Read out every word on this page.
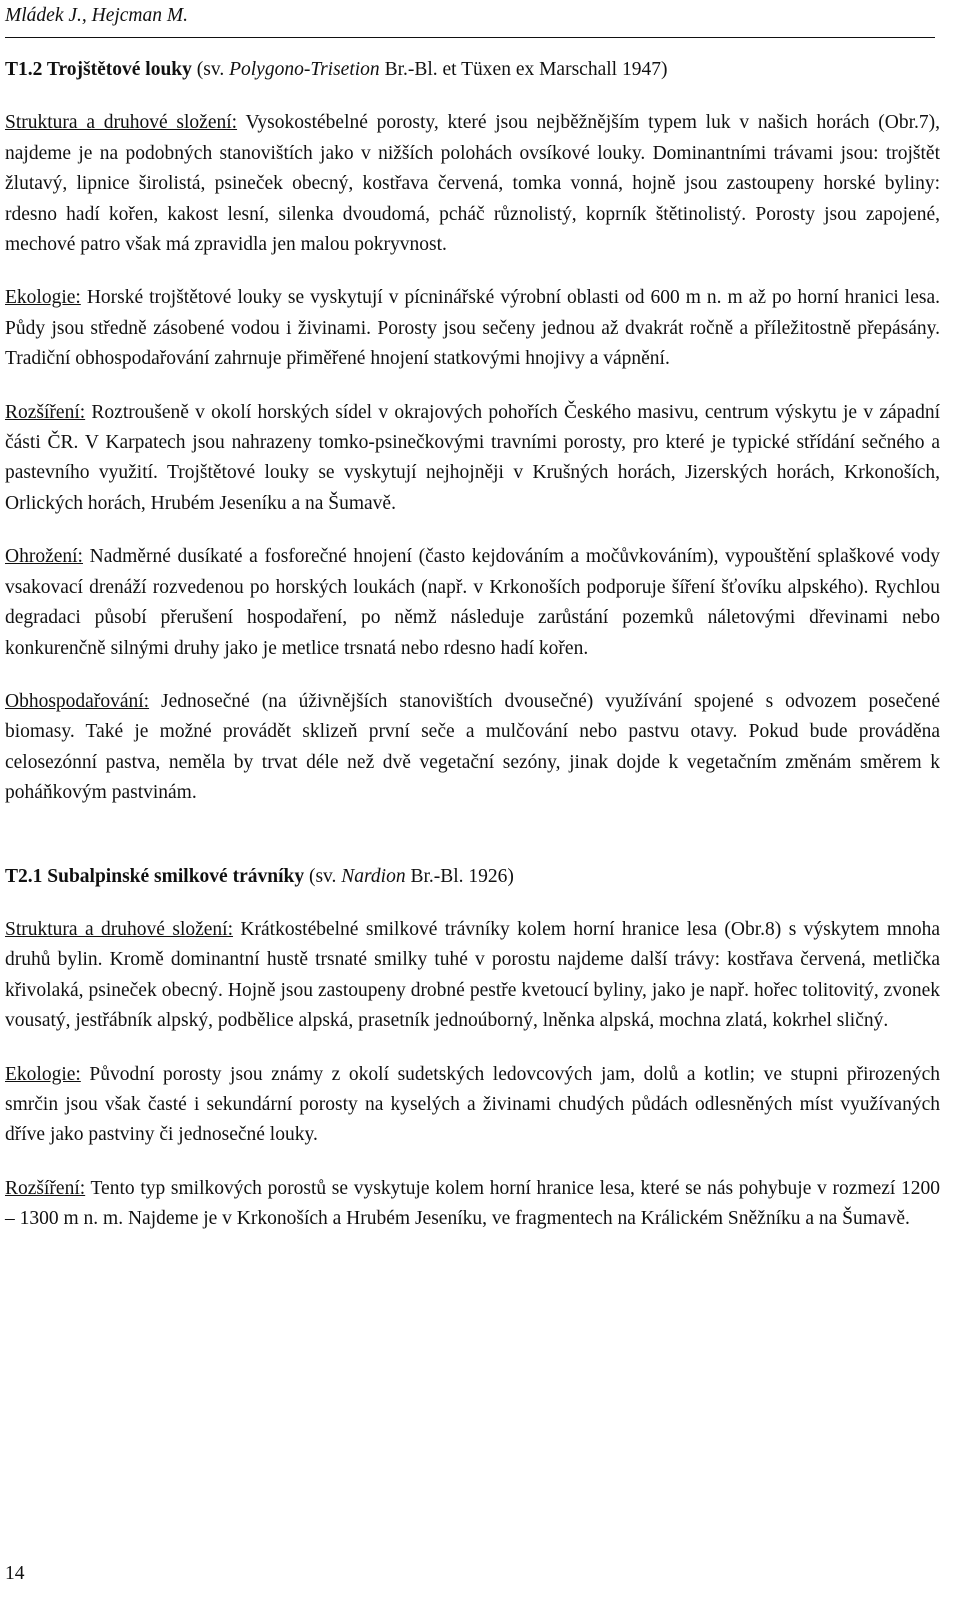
Mládek J., Hejcman M.
T1.2 Trojštětové louky (sv. Polygono-Trisetion Br.-Bl. et Tüxen ex Marschall 1947)

Struktura a druhové složení: Vysokostébelné porosty, které jsou nejběžnějším typem luk v našich horách (Obr.7), najdeme je na podobných stanovištích jako v nižších polohách ovsíkové louky. Dominantními trávami jsou: trojštět žlutavý, lipnice širolistá, psineček obecný, kostřava červená, tomka vonná, hojně jsou zastoupeny horské byliny: rdesno hadí kořen, kakost lesní, silenka dvoudomá, pcháč různolistý, koprník štětinolistý. Porosty jsou zapojené, mechové patro však má zpravidla jen malou pokryvnost.

Ekologie: Horské trojštětové louky se vyskytují v pícninářské výrobní oblasti od 600 m n. m až po horní hranici lesa. Půdy jsou středně zásobené vodou i živinami. Porosty jsou sečeny jednou až dvakrát ročně a příležitostně přepásány. Tradiční obhospodařování zahrnuje přiměřené hnojení statkovými hnojivy a vápnění.

Rozšíření: Roztroušeně v okolí horských sídel v okrajových pohořích Českého masivu, centrum výskytu je v západní části ČR. V Karpatech jsou nahrazeny tomko-psinečkovými travními porosty, pro které je typické střídání sečného a pastevního využití. Trojštětové louky se vyskytují nejhojněji v Krušných horách, Jizerských horách, Krkonoších, Orlických horách, Hrubém Jeseníku a na Šumavě.

Ohrožení: Nadměrné dusíkaté a fosforečné hnojení (často kejdováním a močůvkováním), vypouštění splaškové vody vsakovací drenáží rozvedenou po horských loukách (např. v Krkonoších podporuje šíření šťovíku alpského). Rychlou degradaci působí přerušení hospodaření, po němž následuje zarůstání pozemků náletovými dřevinami nebo konkurenčně silnými druhy jako je metlice trsnatá nebo rdesno hadí kořen.

Obhospodařování: Jednosečné (na úživnějších stanovištích dvousečné) využívání spojené s odvozem posečené biomasy. Také je možné provádět sklizeň první seče a mulčování nebo pastvu otavy. Pokud bude prováděna celosezónní pastva, neměla by trvat déle než dvě vegetační sezóny, jinak dojde k vegetačním změnám směrem k poháňkovým pastvinám.

T2.1 Subalpinské smilkové trávníky (sv. Nardion Br.-Bl. 1926)

Struktura a druhové složení: Krátkostébelné smilkové trávníky kolem horní hranice lesa (Obr.8) s výskytem mnoha druhů bylin. Kromě dominantní hustě trsnaté smilky tuhé v porostu najdeme další trávy: kostřava červená, metlička křivolaká, psineček obecný. Hojně jsou zastoupeny drobné pestře kvetoucí byliny, jako je např. hořec tolitovitý, zvonek vousatý, jestřábník alpský, podbělice alpská, prasetník jednoúborný, lněnka alpská, mochna zlatá, kokrhel sličný.

Ekologie: Původní porosty jsou známy z okolí sudetských ledovcových jam, dolů a kotlin; ve stupni přirozených smrčin jsou však časté i sekundární porosty na kyselých a živinami chudých půdách odlesněných míst využívaných dříve jako pastviny či jednosečné louky.

Rozšíření: Tento typ smilkových porostů se vyskytuje kolem horní hranice lesa, které se nás pohybuje v rozmezí 1200 – 1300 m n. m. Najdeme je v Krkonoších a Hrubém Jeseníku, ve fragmentech na Králickém Sněžníku a na Šumavě.

14
